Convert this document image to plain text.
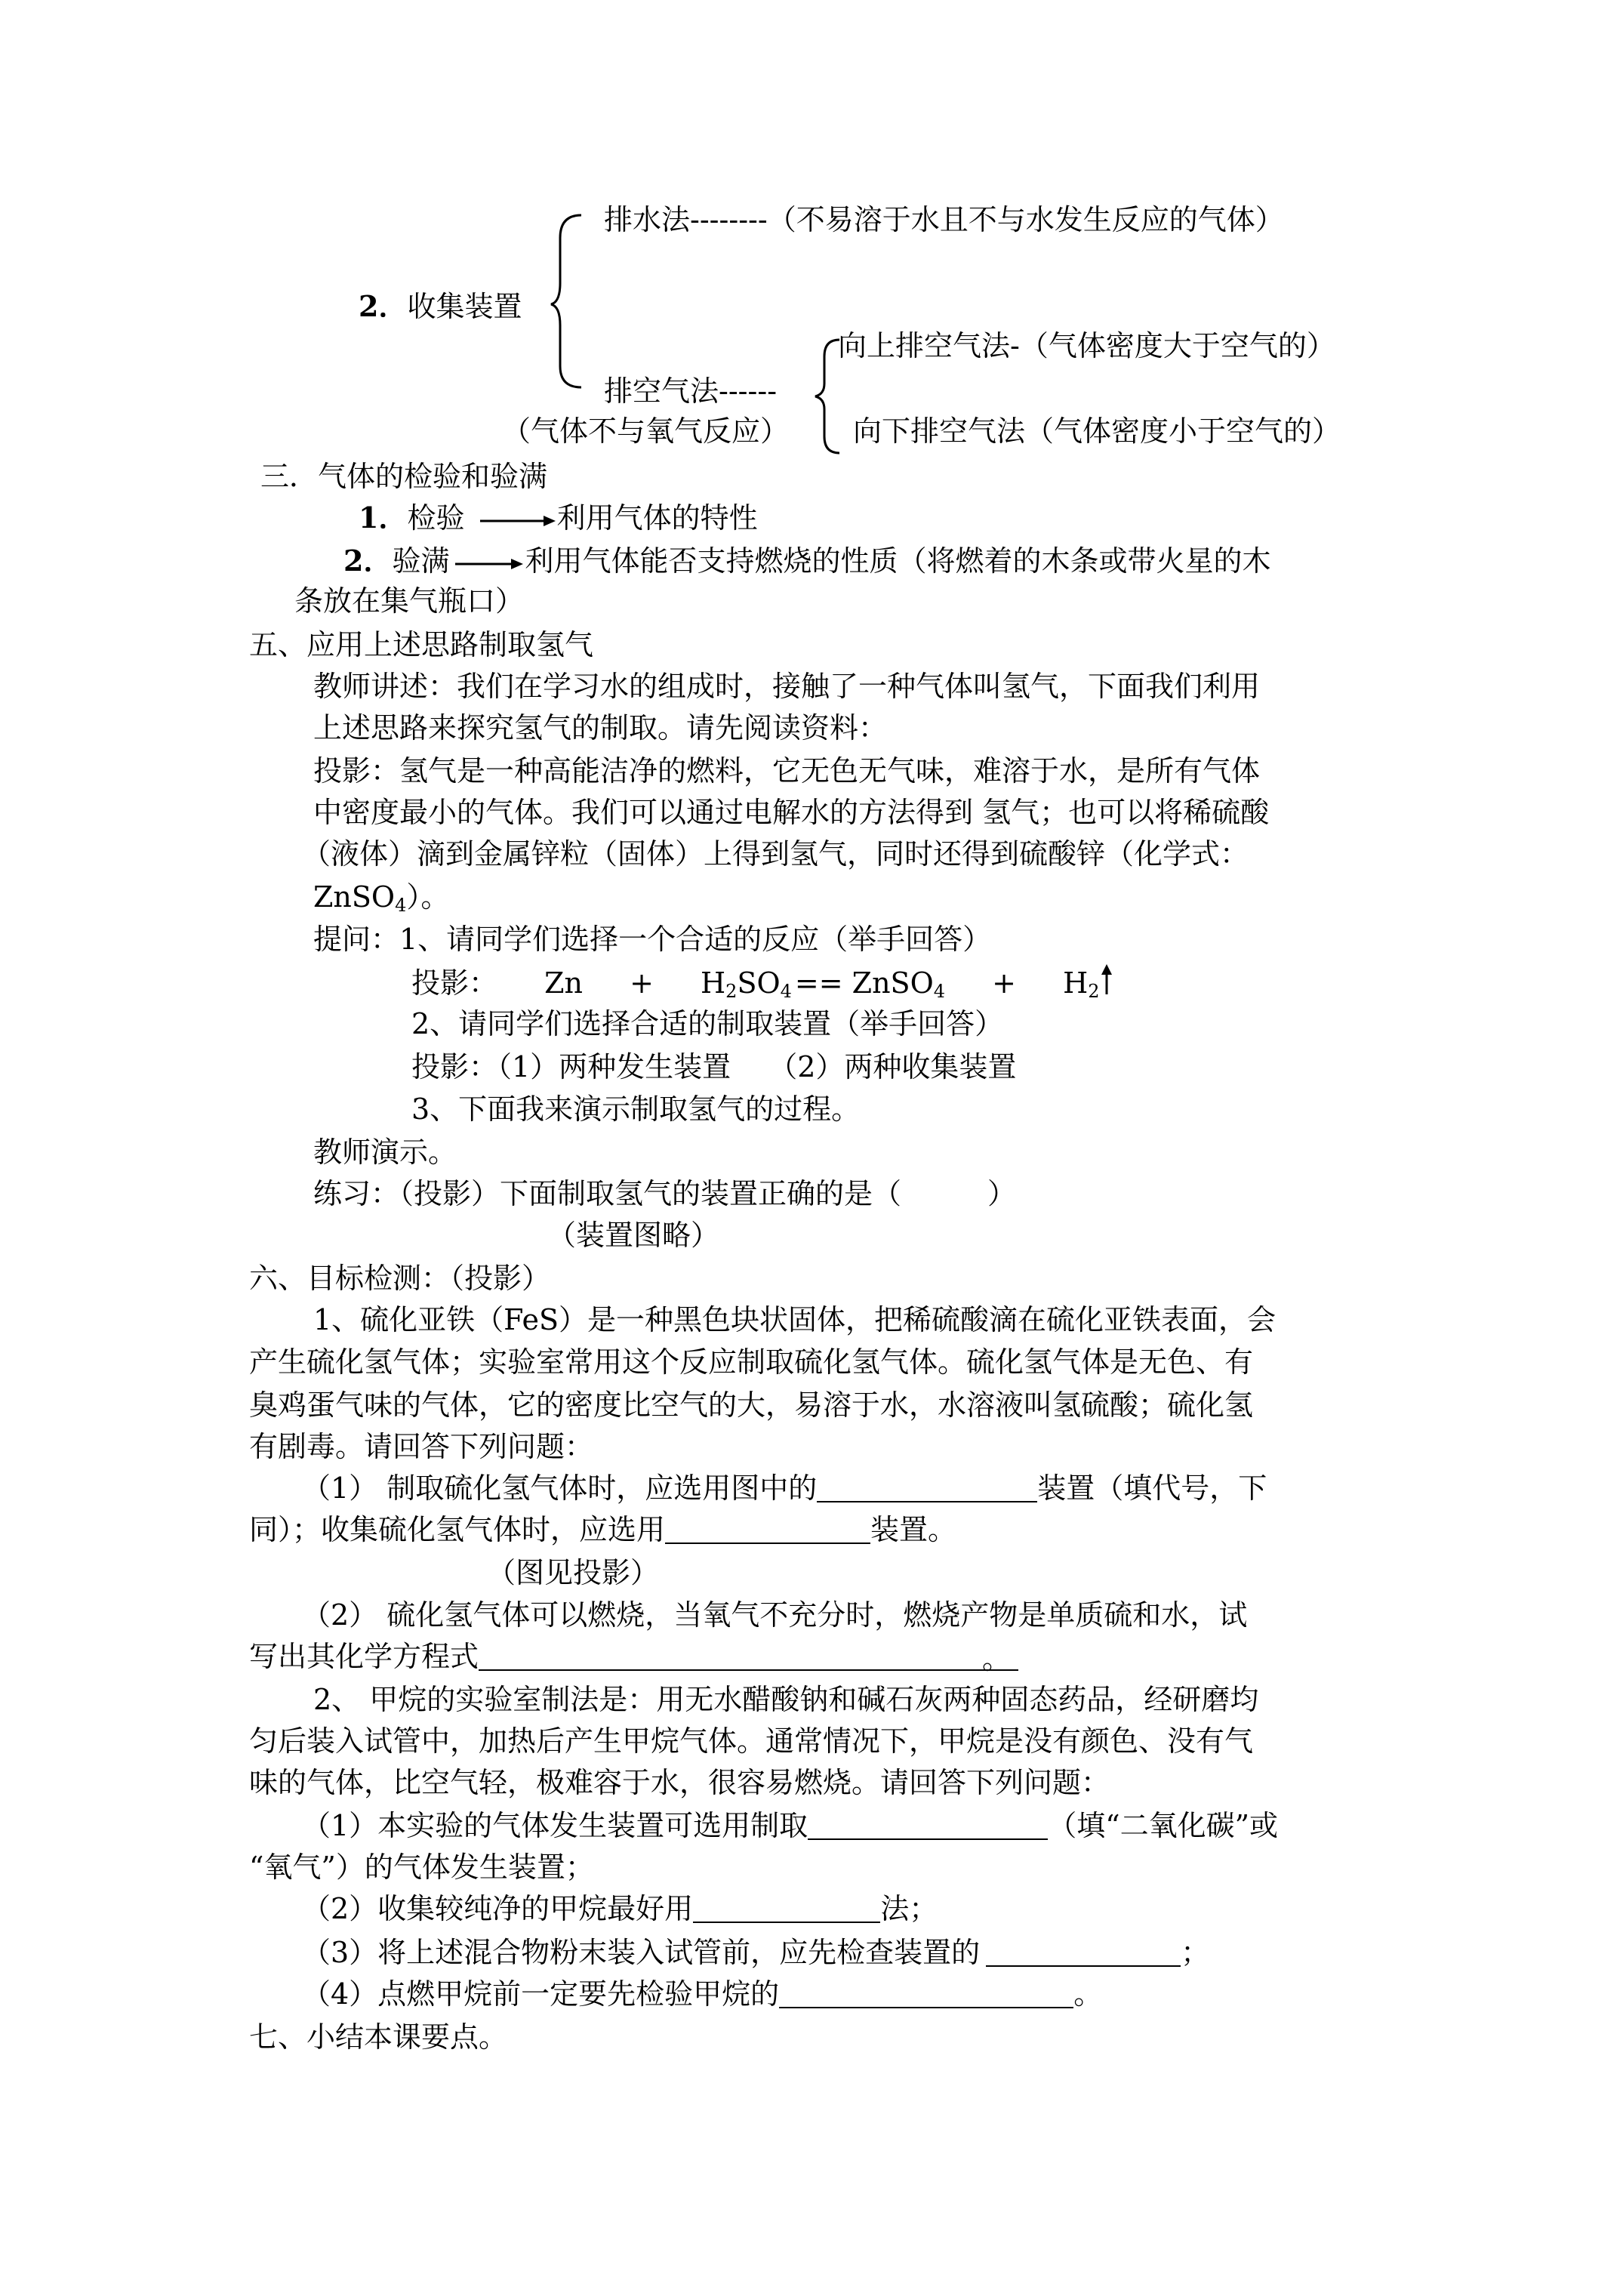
2．收集装置
排水法--------（不易溶于水且不与水发生反应的气体）
排空气法------
（气体不与氧气反应）
向上排空气法-（气体密度大于空气的）
向下排空气法（气体密度小于空气的）
三．气体的检验和验满
1．检验	利用气体的特性
2．验满	利用气体能否支持燃烧的性质（将燃着的木条或带火星的木
条放在集气瓶口）
五、应用上述思路制取氢气
教师讲述：我们在学习水的组成时，接触了一种气体叫氢气，下面我们利用
上述思路来探究氢气的制取。请先阅读资料：
投影：氢气是一种高能洁净的燃料，它无色无气味，难溶于水，是所有气体
中密度最小的气体。我们可以通过电解水的方法得到 氢气；也可以将稀硫酸
（液体）滴到金属锌粒（固体）上得到氢气，同时还得到硫酸锌（化学式：
ZnSO$_4$）。
提问：1、请同学们选择一个合适的反应（举手回答）
投影： $Zn + H_2SO_4$ == ZnSO$_4$ + $H_2$
2、请同学们选择合适的制取装置（举手回答）
投影：（1）两种发生装置　 （2）两种收集装置
3、下面我来演示制取氢气的过程。
教师演示。
练习：（投影）下面制取氢气的装置正确的是（　　　）
（装置图略）
六、目标检测：（投影）
1、硫化亚铁（FeS）是一种黑色块状固体，把稀硫酸滴在硫化亚铁表面，会
产生硫化氢气体；实验室常用这个反应制取硫化氢气体。硫化氢气体是无色、有
臭鸡蛋气味的气体，它的密度比空气的大，易溶于水，水溶液叫氢硫酸；硫化氢
有剧毒。请回答下列问题：
（1） 制取硫化氢气体时，应选用图中的	装置（填代号，下
同）；收集硫化氢气体时，应选用	装置。
（图见投影）
（2） 硫化氢气体可以燃烧，当氧气不充分时，燃烧产物是单质硫和水，试
写出其化学方程式	。
2、 甲烷的实验室制法是：用无水醋酸钠和碱石灰两种固态药品，经研磨均
匀后装入试管中，加热后产生甲烷气体。通常情况下，甲烷是没有颜色、没有气
味的气体，比空气轻，极难容于水，很容易燃烧。请回答下列问题：
（1）本实验的气体发生装置可选用制取	（填“二氧化碳”或
“氧气”）的气体发生装置；
（2）收集较纯净的甲烷最好用	法；
（3）将上述混合物粉末装入试管前，应先检查装置的	；
（4）点燃甲烷前一定要先检验甲烷的	。
七、小结本课要点。
